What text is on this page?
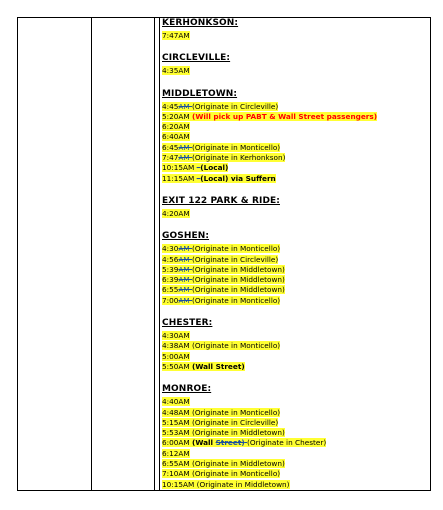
KERHONKSON:
7:47AM
CIRCLEVILLE:
4:35AM
MIDDLETOWN:
4:45AM (Originate in Circleville)
5:20AM (Will pick up PABT & Wall Street passengers)
6:20AM
6:40AM
6:45AM (Originate in Monticello)
7:47AM (Originate in Kerhonkson)
10:15AM –(Local)
11:15AM –(Local) via Suffern
EXIT 122 PARK & RIDE:
4:20AM
GOSHEN:
4:30AM (Originate in Monticello)
4:56AM (Originate in Circleville)
5:39AM (Originate in Middletown)
6:39AM (Originate in Middletown)
6:55AM (Originate in Middletown)
7:00AM (Originate in Monticello)
CHESTER:
4:30AM
4:38AM (Originate in Monticello)
5:00AM
5:50AM (Wall Street)
MONROE:
4:40AM
4:48AM (Originate in Monticello)
5:15AM (Originate in Circleville)
5:53AM (Originate in Middletown)
6:00AM (Wall Street) (Originate in Chester)
6:12AM
6:55AM (Originate in Middletown)
7:10AM (Originate in Monticello)
10:15AM (Originate in Middletown)
